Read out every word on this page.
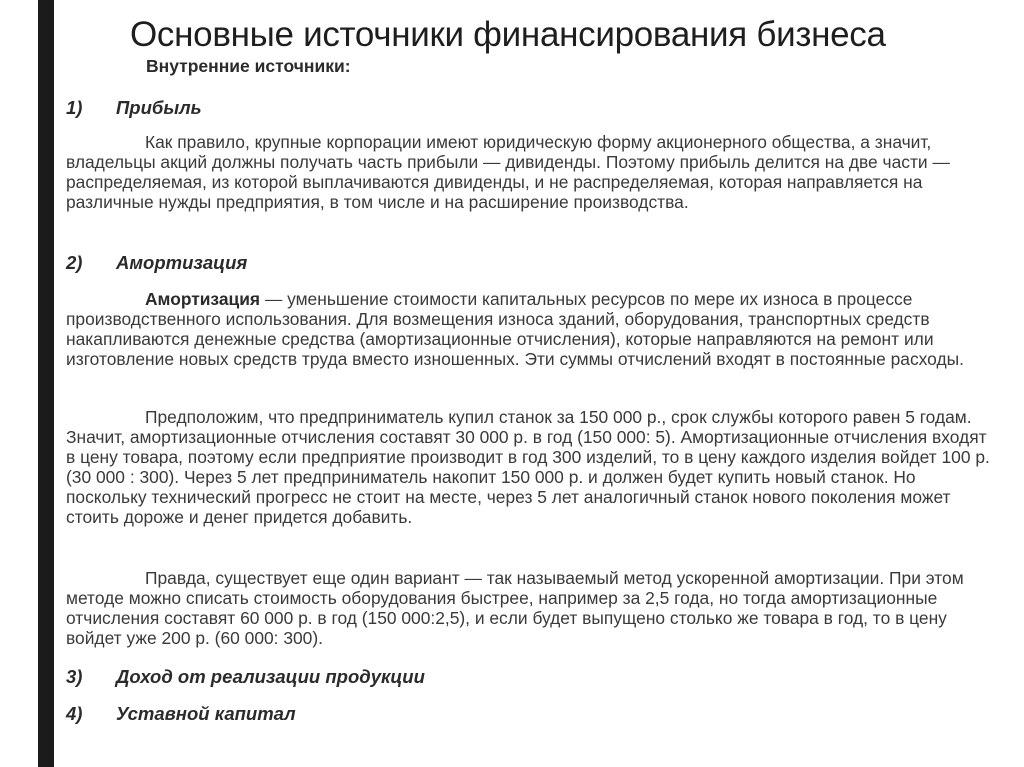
Основные источники финансирования бизнеса
Внутренние источники:
1) Прибыль
Как правило, крупные корпорации имеют юридическую форму акционерного общества, а значит, владельцы акций должны получать часть прибыли — дивиденды. Поэтому прибыль делится на две части — распределяемая, из которой выплачиваются дивиденды, и не распределяемая, которая направляется на различные нужды предприятия, в том числе и на расширение производства.
2) Амортизация
Амортизация — уменьшение стоимости капитальных ресурсов по мере их износа в процессе производственного использования. Для возмещения износа зданий, оборудования, транспортных средств накапливаются денежные средства (амортизационные отчисления), которые направляются на ремонт или изготовление новых средств труда вместо изношенных. Эти суммы отчислений входят в постоянные расходы.
Предположим, что предприниматель купил станок за 150 000 р., срок службы которого равен 5 годам. Значит, амортизационные отчисления составят 30 000 р. в год (150 000: 5). Амортизационные отчисления входят в цену товара, поэтому если предприятие производит в год 300 изделий, то в цену каждого изделия войдет 100 р. (30 000 : 300). Через 5 лет предприниматель накопит 150 000 р. и должен будет купить новый станок. Но поскольку технический прогресс не стоит на месте, через 5 лет аналогичный станок нового поколения может стоить дороже и денег придется добавить.
Правда, существует еще один вариант — так называемый метод ускоренной амортизации. При этом методе можно списать стоимость оборудования быстрее, например за 2,5 года, но тогда амортизационные отчисления составят 60 000 р. в год (150 000:2,5), и если будет выпущено столько же товара в год, то в цену войдет уже 200 р. (60 000: 300).
3) Доход от реализации продукции
4) Уставной капитал
